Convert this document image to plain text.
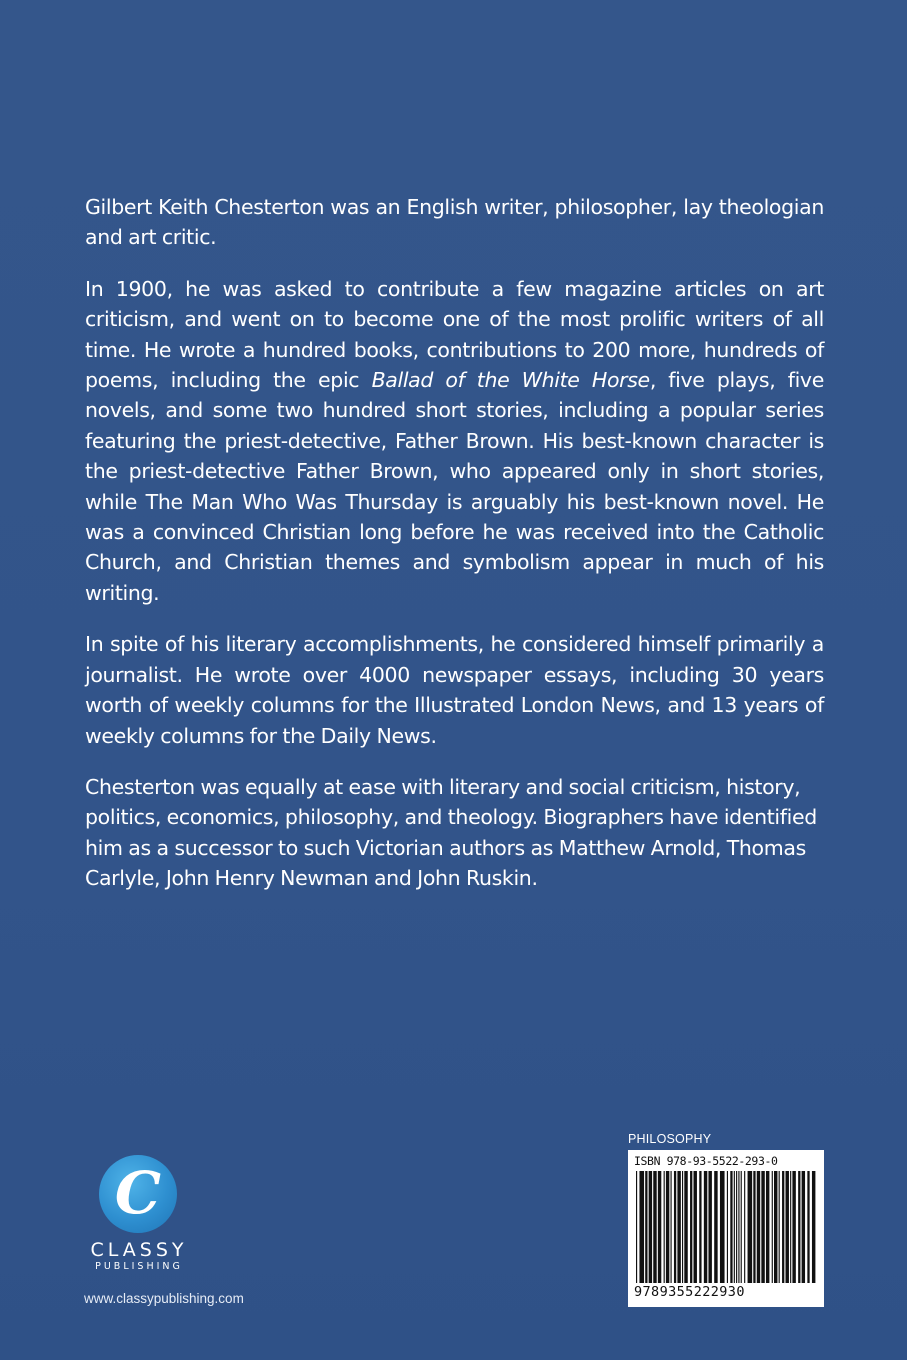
Gilbert Keith Chesterton was an English writer, philosopher, lay theologian and art critic.

In 1900, he was asked to contribute a few magazine articles on art criticism, and went on to become one of the most prolific writers of all time. He wrote a hundred books, contributions to 200 more, hundreds of poems, including the epic Ballad of the White Horse, five plays, five novels, and some two hundred short stories, including a popular series featuring the priest-detective, Father Brown. His best-known character is the priest-detective Father Brown, who appeared only in short stories, while The Man Who Was Thursday is arguably his best-known novel. He was a convinced Christian long before he was received into the Catholic Church, and Christian themes and symbolism appear in much of his writing.

In spite of his literary accomplishments, he considered himself primarily a journalist. He wrote over 4000 newspaper essays, including 30 years worth of weekly columns for the Illustrated London News, and 13 years of weekly columns for the Daily News.

Chesterton was equally at ease with literary and social criticism, history, politics, economics, philosophy, and theology. Biographers have identified him as a successor to such Victorian authors as Matthew Arnold, Thomas Carlyle, John Henry Newman and John Ruskin.

C
CLASSY
PUBLISHING
www.classypublishing.com
PHILOSOPHY
ISBN 978-93-5522-293-0
9789355222930
